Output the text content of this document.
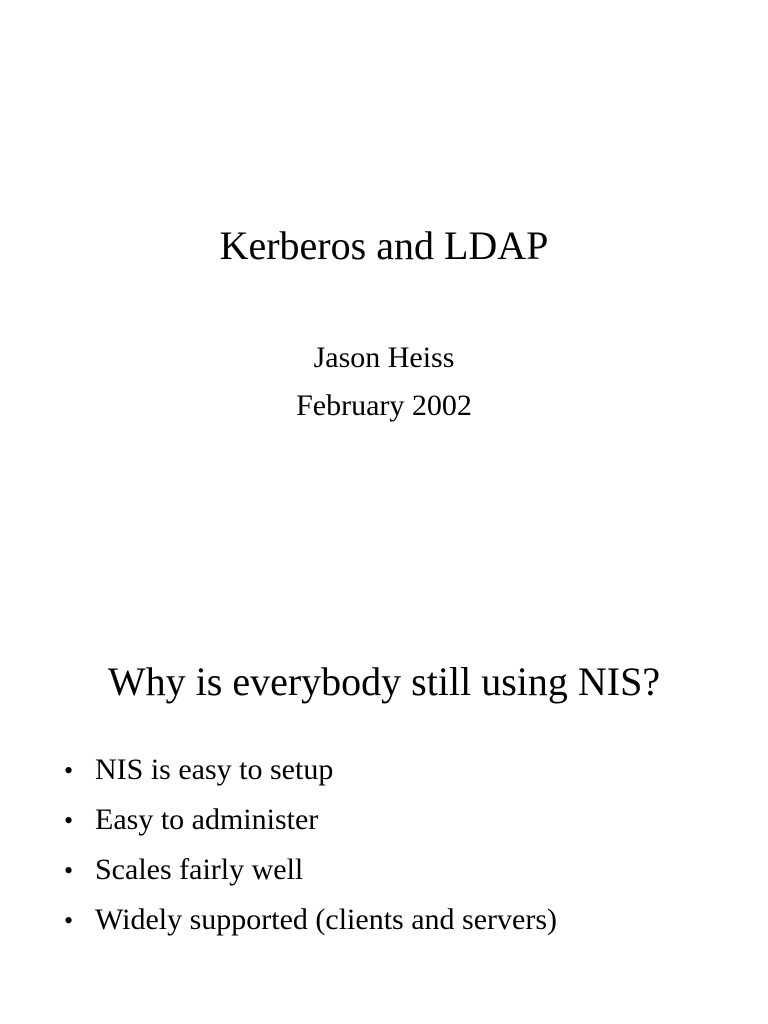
Kerberos and LDAP
Jason Heiss
February 2002
Why is everybody still using NIS?
• NIS is easy to setup
• Easy to administer
• Scales fairly well
• Widely supported (clients and servers)
